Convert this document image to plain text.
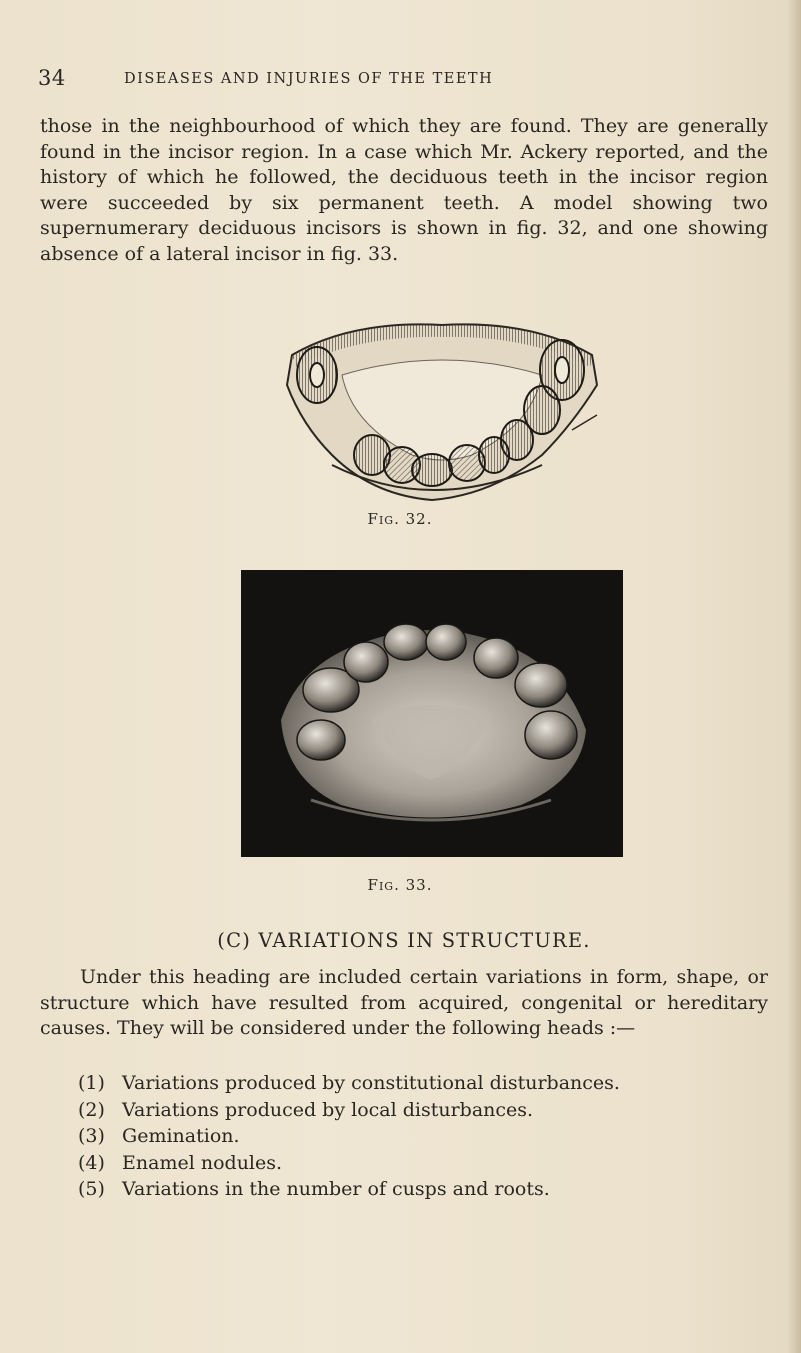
34	DISEASES AND INJURIES OF THE TEETH

those in the neighbourhood of which they are found. They are generally found in the incisor region. In a case which Mr. Ackery reported, and the history of which he followed, the deciduous teeth in the incisor region were succeeded by six permanent teeth. A model showing two supernumerary deciduous incisors is shown in fig. 32, and one showing absence of a lateral incisor in fig. 33.

Fig. 32.
Fig. 33.
(C) VARIATIONS IN STRUCTURE.

Under this heading are included certain variations in form, shape, or structure which have resulted from acquired, congenital or hereditary causes. They will be considered under the following heads :—

(1) Variations produced by constitutional disturbances.
(2) Variations produced by local disturbances.
(3) Gemination.
(4) Enamel nodules.
(5) Variations in the number of cusps and roots.
